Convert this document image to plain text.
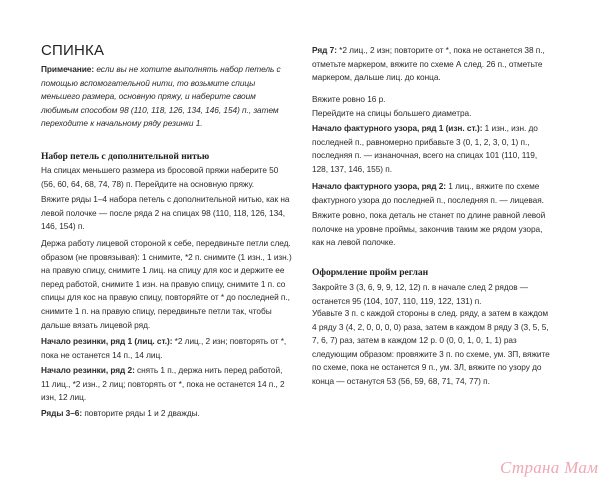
СПИНКА

Примечание: если вы не хотите выполнять набор петель с помощью вспомогательной нити, то возьмите спицы меньшего размера, основную пряжу, и наберите своим любимым способом 98 (110, 118, 126, 134, 146, 154) п., затем переходите к начальному ряду резинки 1.

Набор петель с дополнительной нитью

На спицах меньшего размера из бросовой пряжи наберите 50 (56, 60, 64, 68, 74, 78) п. Перейдите на основную пряжу.

Вяжите ряды 1–4 набора петель с дополнительной нитью, как на левой полочке — после ряда 2 на спицах 98 (110, 118, 126, 134, 146, 154) п.

Держа работу лицевой стороной к себе, передвиньте петли след. образом (не провязывая): 1 снимите, *2 п. снимите (1 изн., 1 изн.) на правую спицу, снимите 1 лиц. на спицу для кос и держите ее перед работой, снимите 1 изн. на правую спицу, снимите 1 п. со спицы для кос на правую спицу, повторяйте от * до последней п., снимите 1 п. на правую спицу, передвиньте петли так, чтобы дальше вязать лицевой ряд.

Начало резинки, ряд 1 (лиц. ст.): *2 лиц., 2 изн; повторять от *, пока не останется 14 п., 14 лиц.

Начало резинки, ряд 2: снять 1 п., держа нить перед работой, 11 лиц., *2 изн., 2 лиц; повторять от *, пока не останется 14 п., 2 изн, 12 лиц.

Ряды 3–6: повторите ряды 1 и 2 дважды.

Ряд 7: *2 лиц., 2 изн; повторите от *, пока не останется 38 п., отметьте маркером, вяжите по схеме А след. 26 п., отметьте маркером, дальше лиц. до конца.

Вяжите ровно 16 р.

Перейдите на спицы большего диаметра.

Начало фактурного узора, ряд 1 (изн. ст.): 1 изн., изн. до последней п., равномерно прибавьте 3 (0, 1, 2, 3, 0, 1) п., последняя п. — изнаночная, всего на спицах 101 (110, 119, 128, 137, 146, 155) п.

Начало фактурного узора, ряд 2: 1 лиц., вяжите по схеме фактурного узора до последней п., последняя п. — лицевая.

Вяжите ровно, пока деталь не станет по длине равной левой полочке на уровне проймы, закончив таким же рядом узора, как на левой полочке.

Оформление пройм реглан

Закройте 3 (3, 6, 9, 9, 12, 12) п. в начале след 2 рядов — останется 95 (104, 107, 110, 119, 122, 131) п.

Убавьте 3 п. с каждой стороны в след. ряду, а затем в каждом 4 ряду 3 (4, 2, 0, 0, 0, 0) раза, затем в каждом 8 ряду 3 (3, 5, 5, 7, 6, 7) раз, затем в каждом 12 р. 0 (0, 0, 1, 0, 1, 1) раз следующим образом: провяжите 3 п. по схеме, ум. 3П, вяжите по схеме, пока не останется 9 п., ум. 3Л, вяжите по узору до конца — останутся 53 (56, 59, 68, 71, 74, 77) п.

Страна Мам
